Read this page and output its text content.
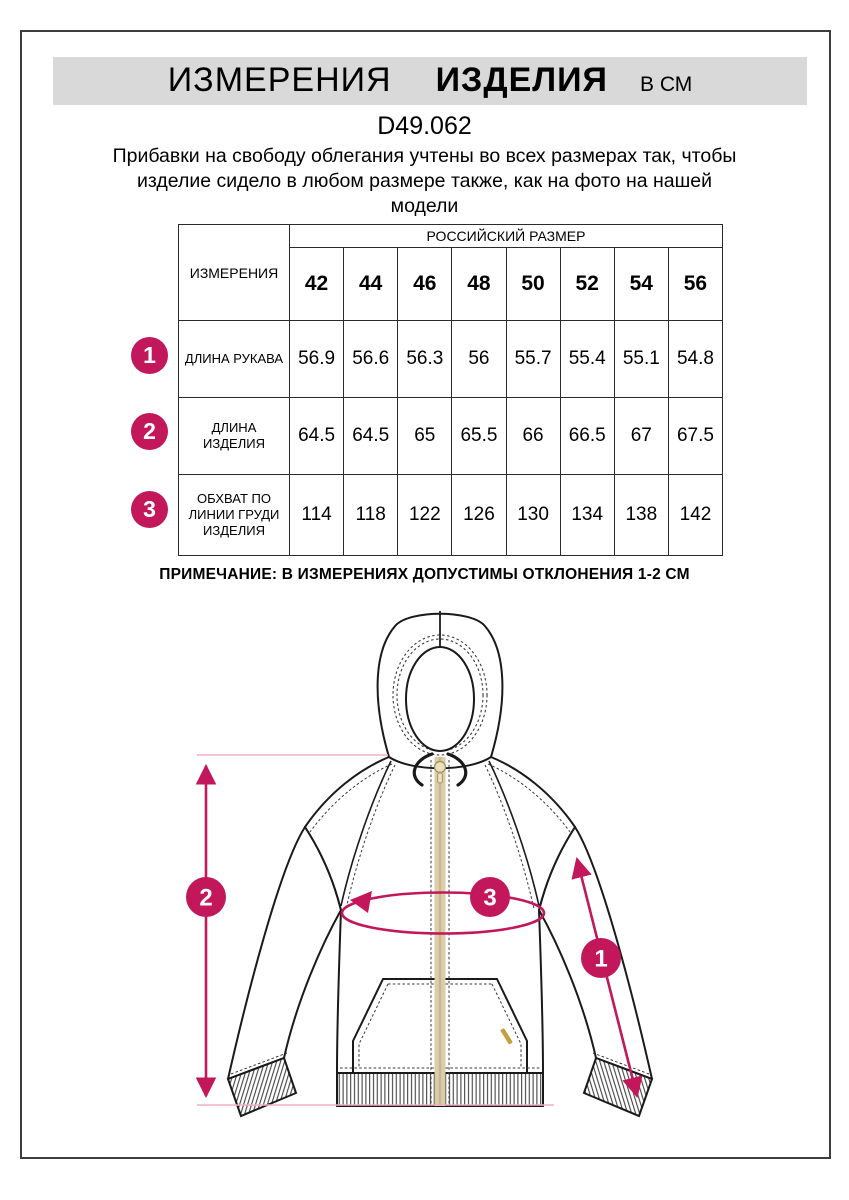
ИЗМЕРЕНИЯ ИЗДЕЛИЯ В СМ
D49.062
Прибавки на свободу облегания учтены во всех размерах так, чтобы
изделие сидело в любом размере также, как на фото на нашей
модели
ИЗМЕРЕНИЯ	РОССИЙСКИЙ РАЗМЕР							
	42	44	46	48	50	52	54	56

ДЛИНА РУКАВА	56.9	56.6	56.3	56	55.7	55.4	55.1	54.8

ДЛИНА
ИЗДЕЛИЯ	64.5	64.5	65	65.5	66	66.5	67	67.5

ОБХВАТ ПО
ЛИНИИ ГРУДИ
ИЗДЕЛИЯ	114	118	122	126	130	134	138	142
1
2
3
ПРИМЕЧАНИЕ: В ИЗМЕРЕНИЯХ ДОПУСТИМЫ ОТКЛОНЕНИЯ 1-2 СМ
2
1
3
